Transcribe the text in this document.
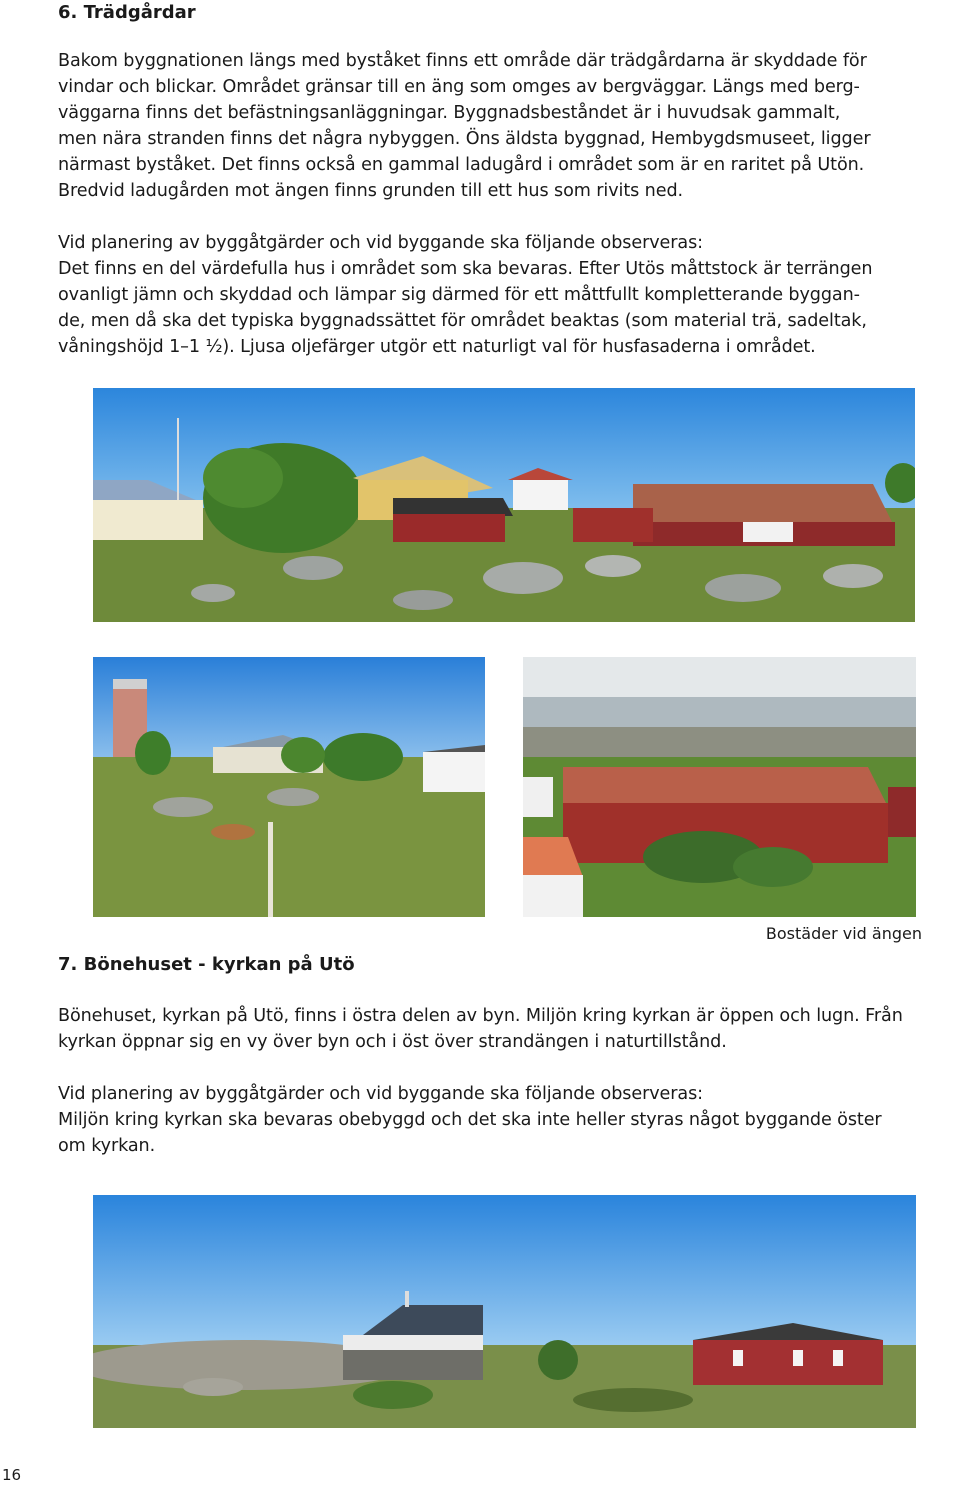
6. Trädgårdar

Bakom byggnationen längs med byståket finns ett område där trädgårdarna är skyddade för
vindar och blickar. Området gränsar till en äng som omges av bergväggar. Längs med berg-
väggarna finns det befästningsanläggningar. Byggnadsbeståndet är i huvudsak gammalt,
men nära stranden finns det några nybyggen. Öns äldsta byggnad, Hembygdsmuseet, ligger
närmast byståket. Det finns också en gammal ladugård i området som är en raritet på Utön.
Bredvid ladugården mot ängen finns grunden till ett hus som rivits ned.

Vid planering av byggåtgärder och vid byggande ska följande observeras:
Det finns en del värdefulla hus i området som ska bevaras. Efter Utös måttstock är terrängen
ovanligt jämn och skyddad och lämpar sig därmed för ett måttfullt kompletterande byggan-
de, men då ska det typiska byggnadssättet för området beaktas (som material trä, sadeltak,
våningshöjd 1–1 ½). Ljusa oljefärger utgör ett naturligt val för husfasaderna i området.

Bostäder vid ängen
7. Bönehuset - kyrkan på Utö

Bönehuset, kyrkan på Utö, finns i östra delen av byn. Miljön kring kyrkan är öppen och lugn. Från
kyrkan öppnar sig en vy över byn och i öst över strandängen i naturtillstånd.

Vid planering av byggåtgärder och vid byggande ska följande observeras:
Miljön kring kyrkan ska bevaras obebyggd och det ska inte heller styras något byggande öster
om kyrkan.

16
